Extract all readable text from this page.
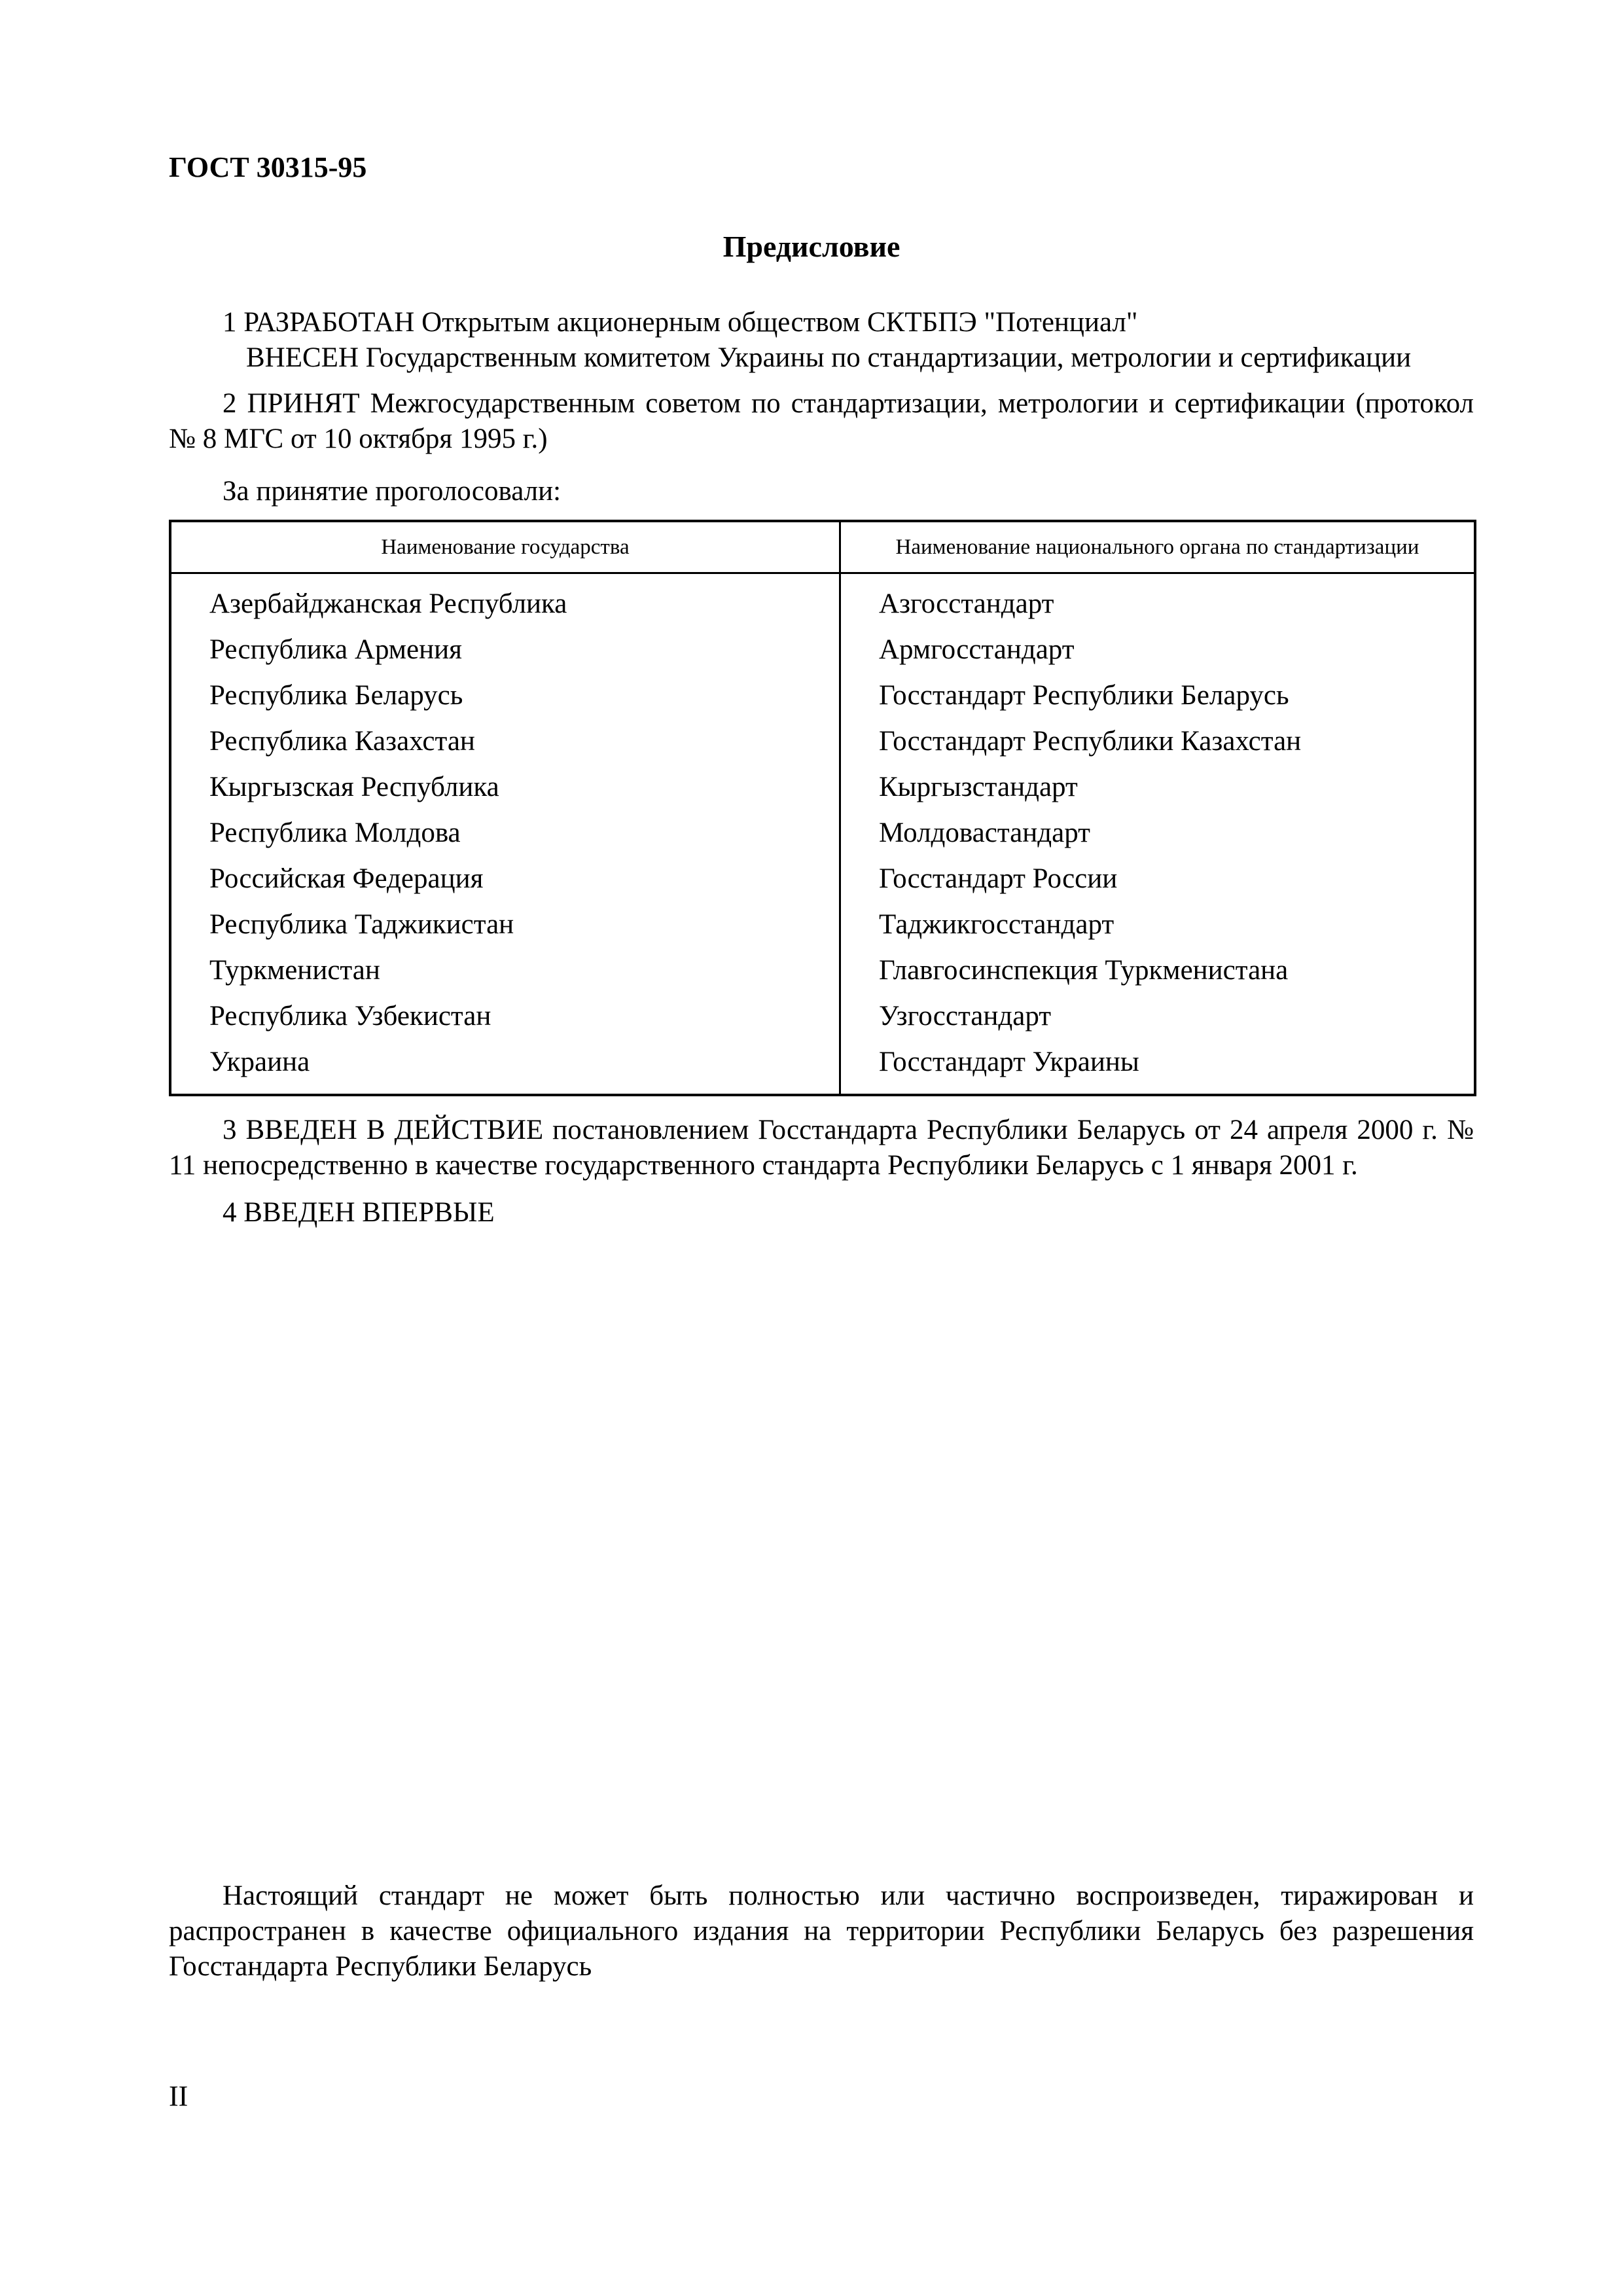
ГОСТ 30315-95
Предисловие
1 РАЗРАБОТАН Открытым акционерным обществом СКТБПЭ "Потенциал"
ВНЕСЕН Государственным комитетом Украины по стандартизации, метрологии и сертификации
2 ПРИНЯТ Межгосударственным советом по стандартизации, метрологии и сертификации (протокол № 8 МГС от 10 октября 1995 г.)
За принятие проголосовали:
Наименование государства	Наименование национального органа по стандартизации
Азербайджанская Республика	Азгосстандарт
Республика Армения	Армгосстандарт
Республика Беларусь	Госстандарт Республики Беларусь
Республика Казахстан	Госстандарт Республики Казахстан
Кыргызская Республика	Кыргызстандарт
Республика Молдова	Молдовастандарт
Российская Федерация	Госстандарт России
Республика Таджикистан	Таджикгосстандарт
Туркменистан	Главгосинспекция Туркменистана
Республика Узбекистан	Узгосстандарт
Украина	Госстандарт Украины
3 ВВЕДЕН В ДЕЙСТВИЕ постановлением Госстандарта Республики Беларусь от 24 апреля 2000 г. № 11 непосредственно в качестве государственного стандарта Республики Беларусь с 1 января 2001 г.
4 ВВЕДЕН ВПЕРВЫЕ
Настоящий стандарт не может быть полностью или частично воспроизведен, тиражирован и распространен в качестве официального издания на территории Республики Беларусь без разрешения Госстандарта Республики Беларусь
II
